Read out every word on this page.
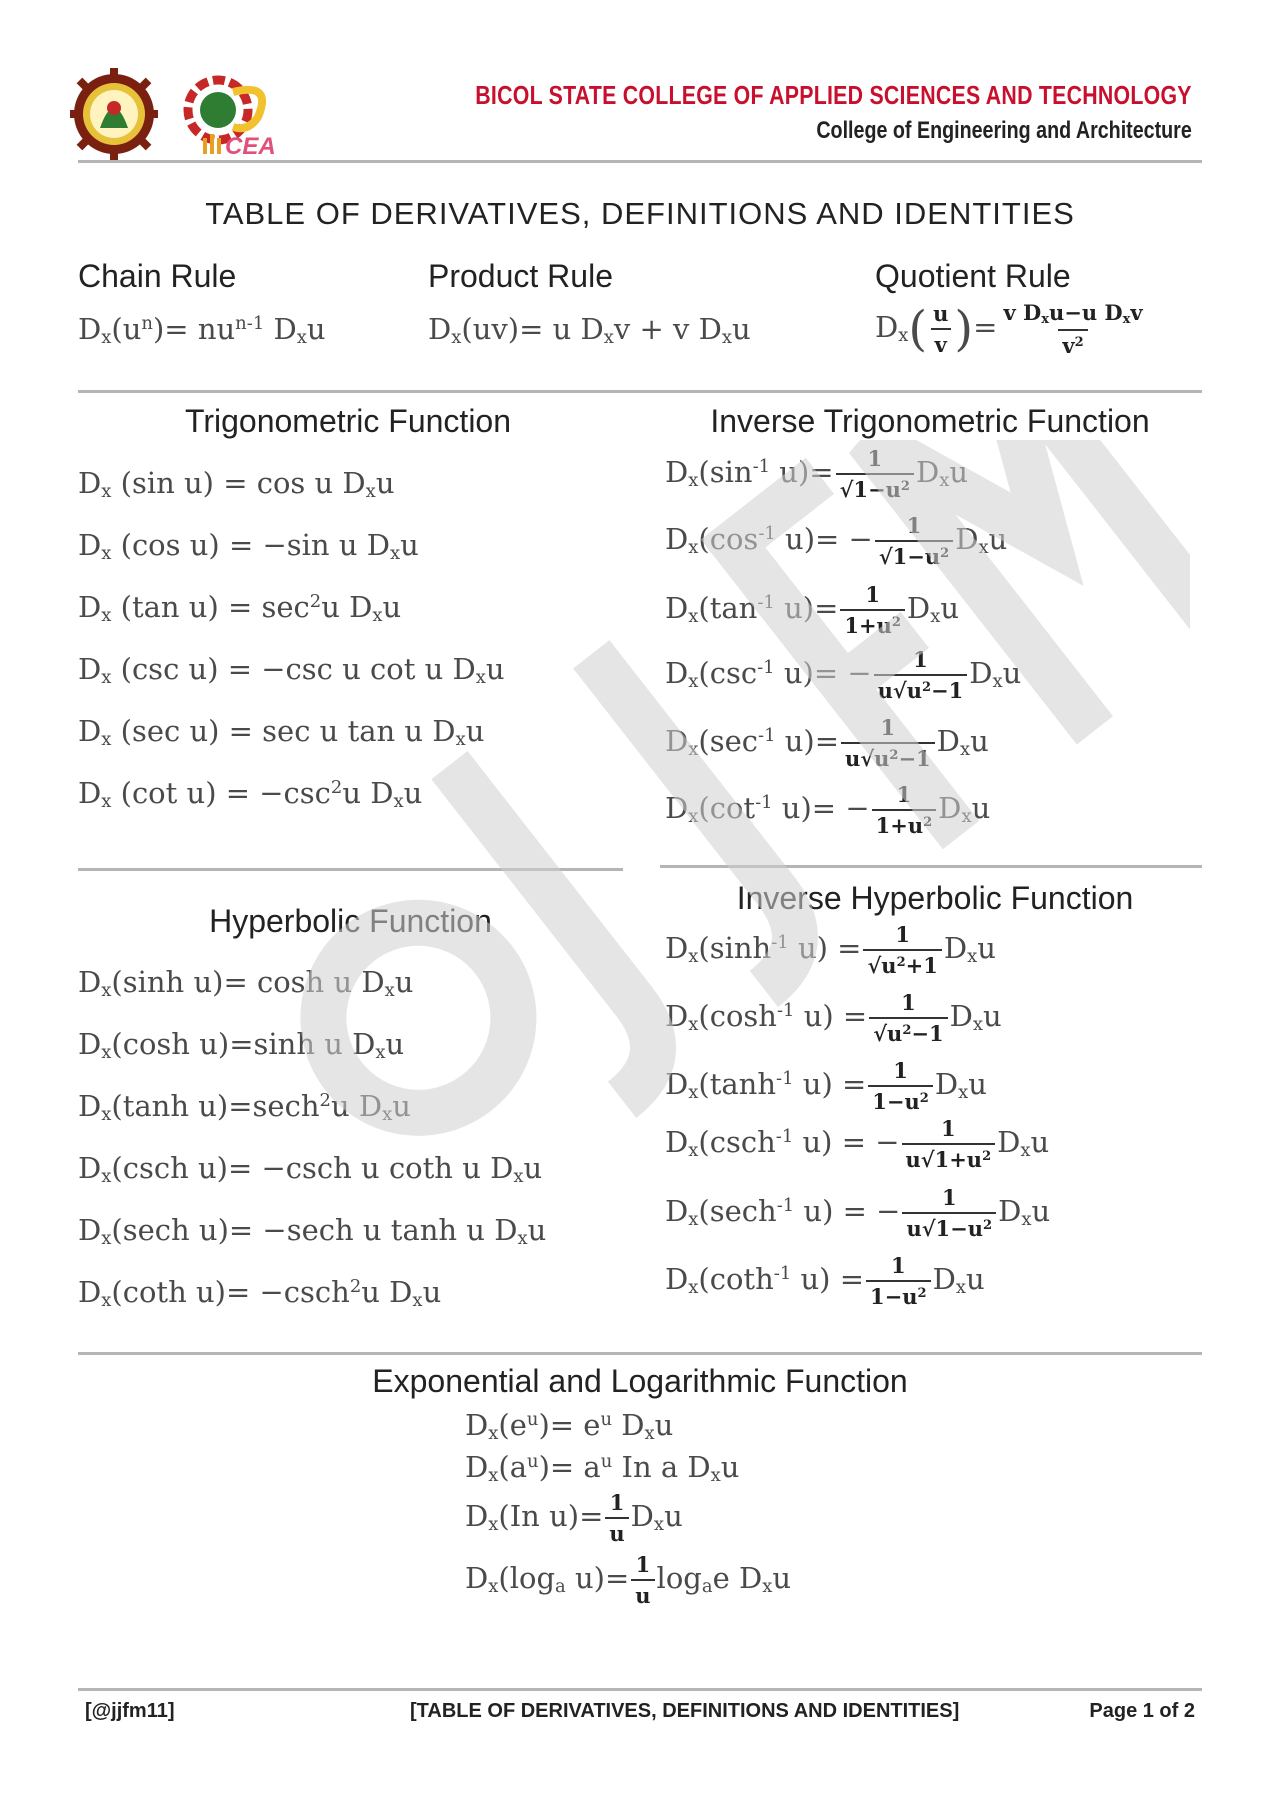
CEA
BICOL STATE COLLEGE OF APPLIED SCIENCES AND TECHNOLOGY
College of Engineering and Architecture
TABLE OF DERIVATIVES, DEFINITIONS AND IDENTITIES
Chain Rule	Product Rule	Quotient Rule
$D_x(u^n)= nu^{n-1}$ $D_xu$	$D_x(uv)= u$ $D_xv + v$ $D_xu$	$D_x( \frac{u}{v}$ )= $\frac{v D_xu-u D_xv}{v^2}$
Trigonometric Function
$D_x$ (sin u) = cos u $D_xu$
$D_x$ (cos u) = −sin u $D_xu$
$D_x$ (tan $u) = \sec^2u$ $D_xu$
$D_x$ (csc u) = −csc u cot u $D_xu$
$D_x$ (sec u) = sec u tan u $D_xu$
$D_x$ (cot $u) = -\csc^2u$ $D_xu$
Inverse Trigonometric Function
$D_x(\sin^{-1}$ $u)= \frac{1}{√1-u^2} D_xu$
$D_x(\cos^{-1}$ $u)= - \frac{1}{√1-u^2} D_xu$
$D_x(\tan^{-1}$ $u)= \frac{1}{1+u^2} D_xu$
$D_x(\csc^{-1}$ $u)= - \frac{1}{u√u^2-1} D_xu$
$D_x(\sec^{-1}$ $u)= \frac{1}{u√u^2-1} D_xu$
$D_x(\cot^{-1}$ $u)= - \frac{1}{1+u^2} D_xu$
Hyperbolic Function
$D_x(\sinh$ u)= cosh u $D_xu$
$D_x(\cosh$ u)=sinh u $D_xu$
$D_x(\tanh$ u)=sech$^2$u $D_xu$
$D_x(\csc h$ u)= −csch u coth u $D_xu$
$D_x(\sec h$ u)= −sech u tanh u $D_xu$
$D_x(\cot h$ u)= −csch$^2$u $D_xu$
Inverse Hyperbolic Function
$D_x(\sinh^{-1}$ $u) = \frac{1}{√u^2+1} D_xu$
$D_x(\cosh^{-1}$ $u) = \frac{1}{√u^2-1} D_xu$
$D_x(\tanh^{-1}$ $u) = \frac{1}{1-u^2} D_xu$
$D_x(\csc h^{-1}$ u) = − $\frac{1}{u√1+u^2} D_xu$
$D_x(\sec h^{-1}$ u) = − $\frac{1}{u√1-u^2} D_xu$
$D_x(\cot h^{-1}$ $u) = \frac{1}{1-u^2} D_xu$
Exponential and Logarithmic Function
$D_x(e^u)= e^u$ $D_xu$
$D_x(a^u)= a^u$ In a $D_xu$
$D_x(In$ $u)= \frac{1}{u} D_xu$
$D_x(\log_a$ $u)= \frac{1}{u} \log_ae$ $D_xu$
[@jjfm11]	[TABLE OF DERIVATIVES, DEFINITIONS AND IDENTITIES]	Page 1 of 2
